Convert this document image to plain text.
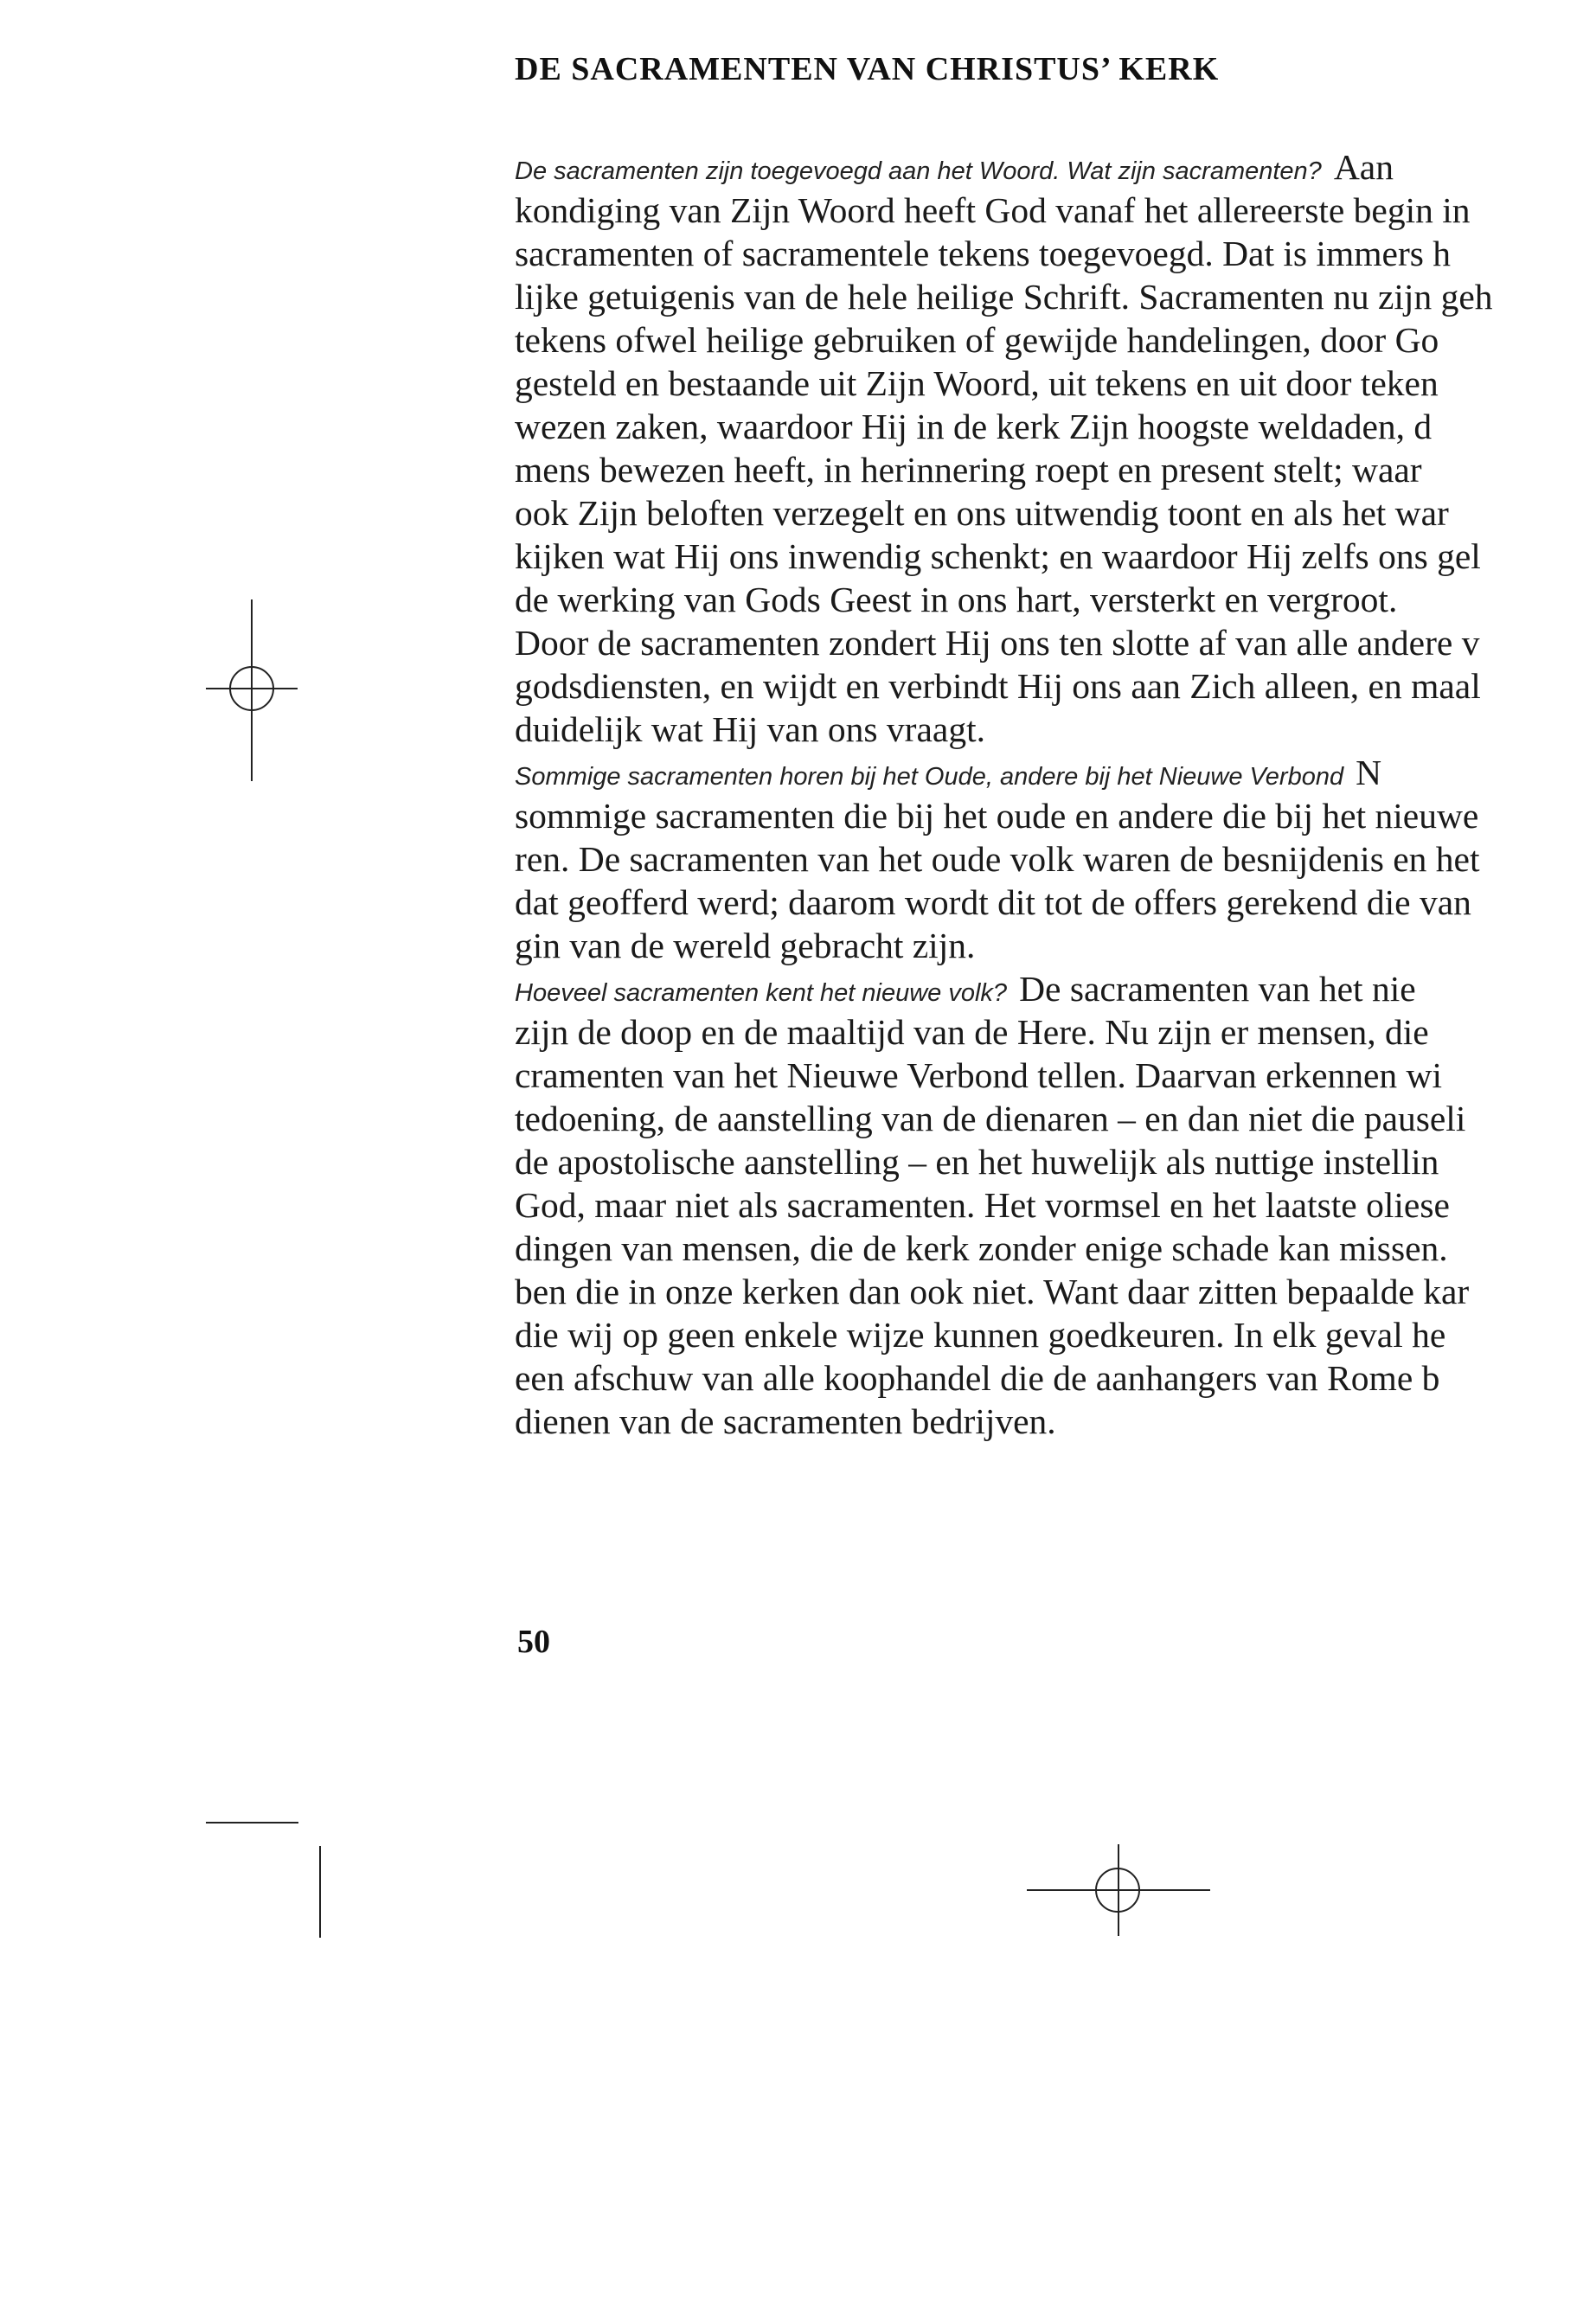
DE SACRAMENTEN VAN CHRISTUS’ KERK
De sacramenten zijn toegevoegd aan het Woord. Wat zijn sacramenten? Aan
kondiging van Zijn Woord heeft God vanaf het allereerste begin in
sacramenten of sacramentele tekens toegevoegd. Dat is immers h
lijke getuigenis van de hele heilige Schrift. Sacramenten nu zijn geh
tekens ofwel heilige gebruiken of gewijde handelingen, door Go
gesteld en bestaande uit Zijn Woord, uit tekens en uit door teken
wezen zaken, waardoor Hij in de kerk Zijn hoogste weldaden, d
mens bewezen heeft, in herinnering roept en present stelt; waar
ook Zijn beloften verzegelt en ons uitwendig toont en als het war
kijken wat Hij ons inwendig schenkt; en waardoor Hij zelfs ons gel
de werking van Gods Geest in ons hart, versterkt en vergroot.
Door de sacramenten zondert Hij ons ten slotte af van alle andere v
godsdiensten, en wijdt en verbindt Hij ons aan Zich alleen, en maal
duidelijk wat Hij van ons vraagt.
Sommige sacramenten horen bij het Oude, andere bij het Nieuwe Verbond N
sommige sacramenten die bij het oude en andere die bij het nieuwe
ren. De sacramenten van het oude volk waren de besnijdenis en het
dat geofferd werd; daarom wordt dit tot de offers gerekend die van
gin van de wereld gebracht zijn.
Hoeveel sacramenten kent het nieuwe volk? De sacramenten van het nie
zijn de doop en de maaltijd van de Here. Nu zijn er mensen, die
cramenten van het Nieuwe Verbond tellen. Daarvan erkennen wi
tedoening, de aanstelling van de dienaren – en dan niet die pauseli
de apostolische aanstelling – en het huwelijk als nuttige instellin
God, maar niet als sacramenten. Het vormsel en het laatste oliese
dingen van mensen, die de kerk zonder enige schade kan missen.
ben die in onze kerken dan ook niet. Want daar zitten bepaalde kar
die wij op geen enkele wijze kunnen goedkeuren. In elk geval he
een afschuw van alle koophandel die de aanhangers van Rome b
dienen van de sacramenten bedrijven.
50
